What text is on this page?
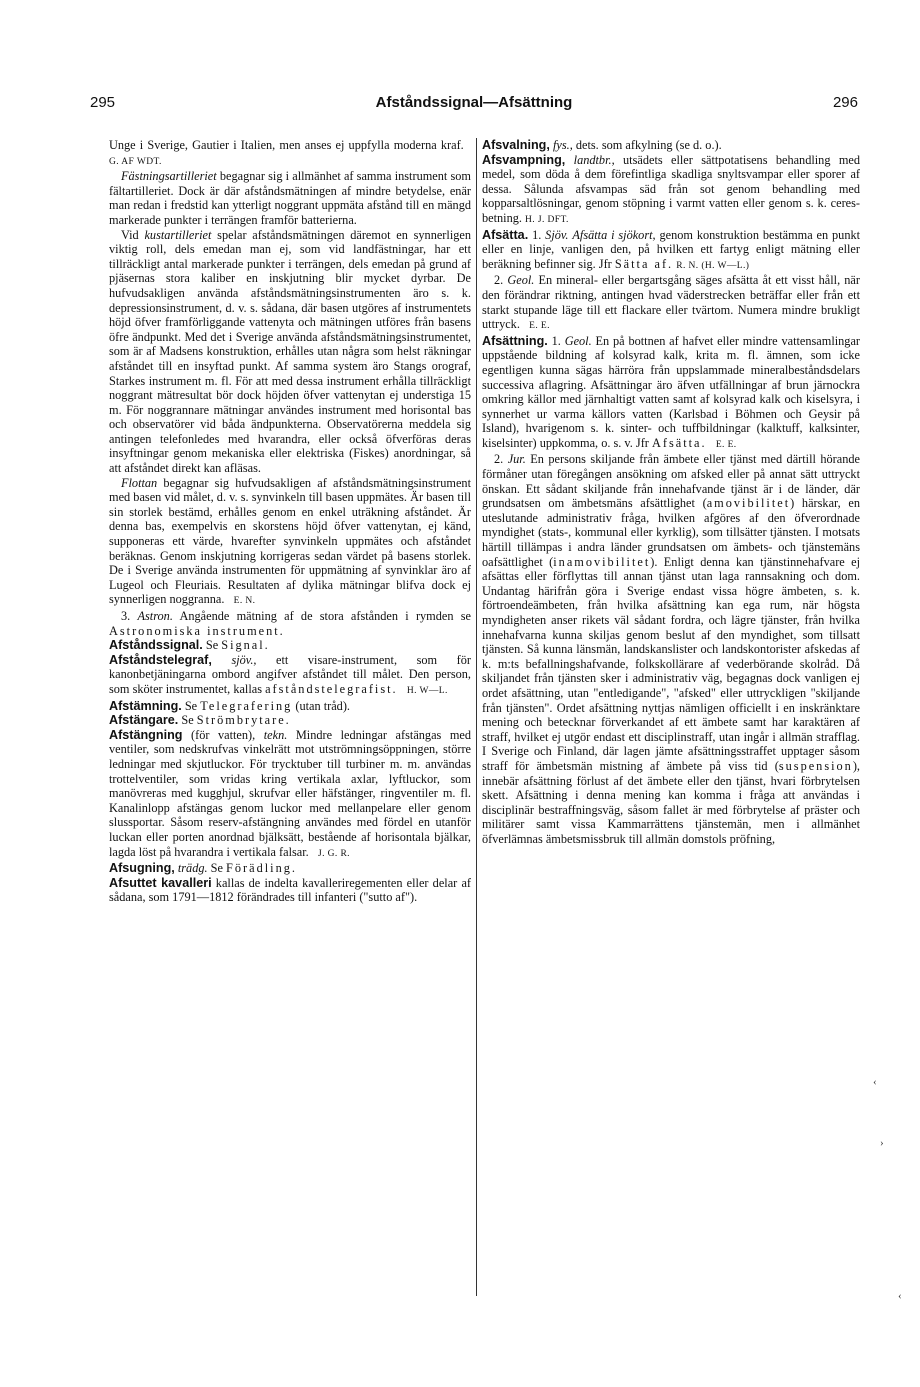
295	Afståndssignal—Afsättning	296

Unge i Sverige, Gautier i Italien, men anses ej uppfylla moderna kraf.   G. AF WDT.

Fästningsartilleriet begagnar sig i allmänhet af samma instrument som fältartilleriet. Dock är där afståndsmätningen af mindre betydelse, enär man redan i fredstid kan ytterligt noggrant uppmäta afstånd till en mängd markerade punkter i terrängen framför batterierna.

Vid kustartilleriet spelar afståndsmätningen däremot en synnerligen viktig roll, dels emedan man ej, som vid landfästningar, har ett tillräckligt antal markerade punkter i terrängen, dels emedan på grund af pjäsernas stora kaliber en inskjutning blir mycket dyrbar. De hufvudsakligen använda afståndsmätningsinstrumenten äro s. k. depressionsinstrument, d. v. s. sådana, där basen utgöres af instrumentets höjd öfver framförliggande vattenyta och mätningen utföres från basens öfre ändpunkt. Med det i Sverige använda afståndsmätningsinstrumentet, som är af Madsens konstruktion, erhålles utan några som helst räkningar afståndet till en insyftad punkt. Af samma system äro Stangs orograf, Starkes instrument m. fl. För att med dessa instrument erhålla tillräckligt noggrant mätresultat bör dock höjden öfver vattenytan ej understiga 15 m. För noggrannare mätningar användes instrument med horisontal bas och observatörer vid båda ändpunkterna. Observatörerna meddela sig antingen telefonledes med hvarandra, eller också öfverföras deras insyftningar genom mekaniska eller elektriska (Fiskes) anordningar, så att afståndet direkt kan afläsas.

Flottan begagnar sig hufvudsakligen af afståndsmätningsinstrument med basen vid målet, d. v. s. synvinkeln till basen uppmätes. Är basen till sin storlek bestämd, erhålles genom en enkel uträkning afståndet. Är denna bas, exempelvis en skorstens höjd öfver vattenytan, ej känd, supponeras ett värde, hvarefter synvinkeln uppmätes och afståndet beräknas. Genom inskjutning korrigeras sedan värdet på basens storlek. De i Sverige använda instrumenten för uppmätning af synvinklar äro af Lugeol och Fleuriais. Resultaten af dylika mätningar blifva dock ej synnerligen noggranna. E. N.

3. Astron. Angående mätning af de stora afstånden i rymden se Astronomiska instrument.

Afståndssignal. Se Signal.

Afståndstelegraf, sjöv., ett visare-instrument, som för kanonbetjäningarna ombord angifver afståndet till målet. Den person, som sköter instrumentet, kallas afståndstelegrafist. H. W—L.

Afstämning. Se Telegrafering (utan tråd).

Afstängare. Se Strömbrytare.

Afstängning (för vatten), tekn. Mindre ledningar afstängas med ventiler, som nedskrufvas vinkelrätt mot utströmningsöppningen, större ledningar med skjutluckor. För trycktuber till turbiner m. m. användas trottelventiler, som vridas kring vertikala axlar, lyftluckor, som manövreras med kugghjul, skrufvar eller häfstänger, ringventiler m. fl. Kanalinlopp afstängas genom luckor med mellanpelare eller genom slussportar. Såsom reserv-afstängning användes med fördel en utanför luckan eller porten anordnad bjälksätt, bestående af horisontala bjälkar, lagda löst på hvarandra i vertikala falsar. J. G. R.

Afsugning, trädg. Se Förädling.

Afsuttet kavalleri kallas de indelta kavalleriregementen eller delar af sådana, som 1791—1812 förändrades till infanteri ("sutto af").

Afsvalning, fys., dets. som afkylning (se d. o.).

Afsvampning, landtbr., utsädets eller sättpotatisens behandling med medel, som döda å dem förefintliga skadliga snyltsvampar eller sporer af dessa. Sålunda afsvampas säd från sot genom behandling med kopparsaltlösningar, genom stöpning i varmt vatten eller genom s. k. ceres-betning. H. J. DFT.

Afsätta. 1. Sjöv. Afsätta i sjökort, genom konstruktion bestämma en punkt eller en linje, vanligen den, på hvilken ett fartyg enligt mätning eller beräkning befinner sig. Jfr Sätta af. R. N. (H. W—L.)

2. Geol. En mineral- eller bergartsgång säges afsätta åt ett visst håll, när den förändrar riktning, antingen hvad väderstrecken beträffar eller från ett starkt stupande läge till ett flackare eller tvärtom. Numera mindre brukligt uttryck. E. E.

Afsättning. 1. Geol. En på bottnen af hafvet eller mindre vattensamlingar uppstående bildning af kolsyrad kalk, krita m. fl. ämnen, som icke egentligen kunna sägas härröra från uppslammade mineralbeståndsdelars successiva aflagring. Afsättningar äro äfven utfällningar af brun järnockra omkring källor med järnhaltigt vatten samt af kolsyrad kalk och kiselsyra, i synnerhet ur varma källors vatten (Karlsbad i Böhmen och Geysir på Island), hvarigenom s. k. sinter- och tuffbildningar (kalktuff, kalksinter, kiselsinter) uppkomma, o. s. v. Jfr Afsätta. E. E.

2. Jur. En persons skiljande från ämbete eller tjänst med därtill hörande förmåner utan föregången ansökning om afsked eller på annat sätt uttryckt önskan. Ett sådant skiljande från innehafvande tjänst är i de länder, där grundsatsen om ämbetsmäns afsättlighet (amovibilitet) härskar, en uteslutande administrativ fråga, hvilken afgöres af den öfverordnade myndighet (stats-, kommunal eller kyrklig), som tillsätter tjänsten. I motsats härtill tillämpas i andra länder grundsatsen om ämbets- och tjänstemäns oafsättlighet (inamovibilitet). Enligt denna kan tjänstinnehafvare ej afsättas eller förflyttas till annan tjänst utan laga rannsakning och dom. Undantag härifrån göra i Sverige endast vissa högre ämbeten, s. k. förtroendeämbeten, från hvilka afsättning kan ega rum, när högsta myndigheten anser rikets väl sådant fordra, och lägre tjänster, från hvilka innehafvarna kunna skiljas genom beslut af den myndighet, som tillsatt tjänsten. Så kunna länsmän, landskanslister och landskontorister afskedas af k. m:ts befallningshafvande, folkskollärare af vederbörande skolråd. Då skiljandet från tjänsten sker i administrativ väg, begagnas dock vanligen ej ordet afsättning, utan "entledigande", "afsked" eller uttryckligen "skiljande från tjänsten". Ordet afsättning nyttjas nämligen officiellt i en inskränktare mening och betecknar förverkandet af ett ämbete samt har karaktären af straff, hvilket ej utgör endast ett disciplinstraff, utan ingår i allmän strafflag. I Sverige och Finland, där lagen jämte afsättningsstraffet upptager såsom straff för ämbetsmän mistning af ämbete på viss tid (suspension), innebär afsättning förlust af det ämbete eller den tjänst, hvari förbrytelsen skett. Afsättning i denna mening kan komma i fråga att användas i disciplinär bestraffningsväg, såsom fallet är med förbrytelse af präster och militärer samt vissa Kammarrättens tjänstemän, men i allmänhet öfverlämnas ämbetsmissbruk till allmän domstols pröfning,

‹
›
‹
